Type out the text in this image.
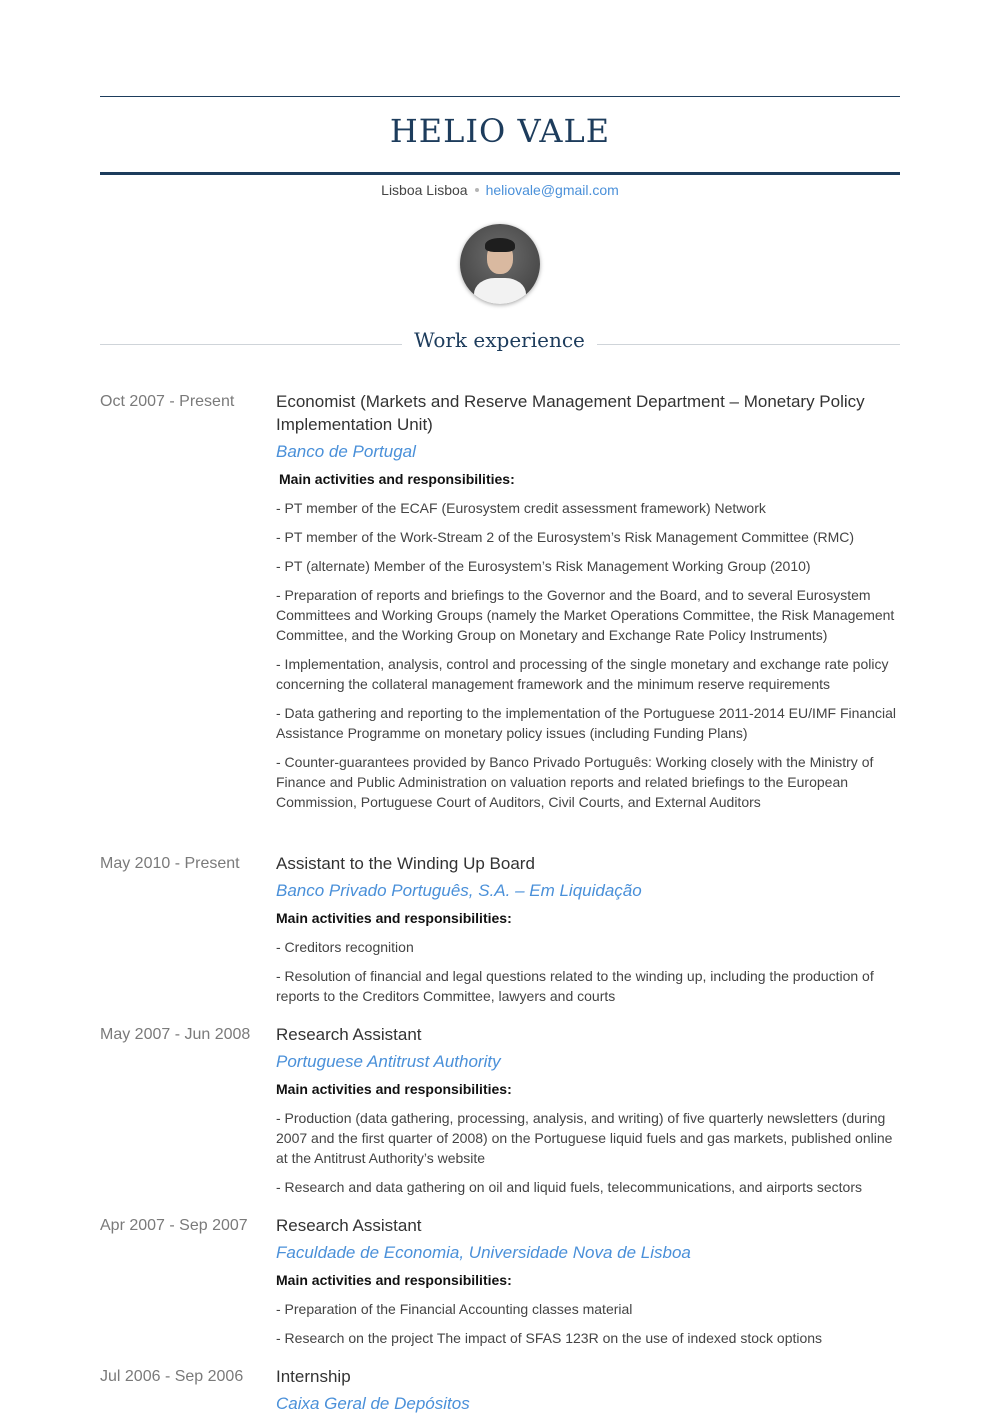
HELIO VALE
Lisboa Lisboa heliovale@gmail.com
Work experience
Oct 2007 - Present	Economist (Markets and Reserve Management Department – Monetary Policy Implementation Unit)
Banco de Portugal
Main activities and responsibilities:
- PT member of the ECAF (Eurosystem credit assessment framework) Network
- PT member of the Work-Stream 2 of the Eurosystem’s Risk Management Committee (RMC)
- PT (alternate) Member of the Eurosystem’s Risk Management Working Group (2010)
- Preparation of reports and briefings to the Governor and the Board, and to several Eurosystem Committees and Working Groups (namely the Market Operations Committee, the Risk Management Committee, and the Working Group on Monetary and Exchange Rate Policy Instruments)
- Implementation, analysis, control and processing of the single monetary and exchange rate policy concerning the collateral management framework and the minimum reserve requirements
- Data gathering and reporting to the implementation of the Portuguese 2011-2014 EU/IMF Financial Assistance Programme on monetary policy issues (including Funding Plans)
- Counter-guarantees provided by Banco Privado Português: Working closely with the Ministry of Finance and Public Administration on valuation reports and related briefings to the European Commission, Portuguese Court of Auditors, Civil Courts, and External Auditors
May 2010 - Present	Assistant to the Winding Up Board
Banco Privado Português, S.A. – Em Liquidação
Main activities and responsibilities:
- Creditors recognition
- Resolution of financial and legal questions related to the winding up, including the production of reports to the Creditors Committee, lawyers and courts
May 2007 - Jun 2008	Research Assistant
Portuguese Antitrust Authority
Main activities and responsibilities:
- Production (data gathering, processing, analysis, and writing) of five quarterly newsletters (during 2007 and the first quarter of 2008) on the Portuguese liquid fuels and gas markets, published online at the Antitrust Authority’s website
- Research and data gathering on oil and liquid fuels, telecommunications, and airports sectors
Apr 2007 - Sep 2007	Research Assistant
Faculdade de Economia, Universidade Nova de Lisboa
Main activities and responsibilities:
- Preparation of the Financial Accounting classes material
- Research on the project The impact of SFAS 123R on the use of indexed stock options
Jul 2006 - Sep 2006	Internship
Caixa Geral de Depósitos
